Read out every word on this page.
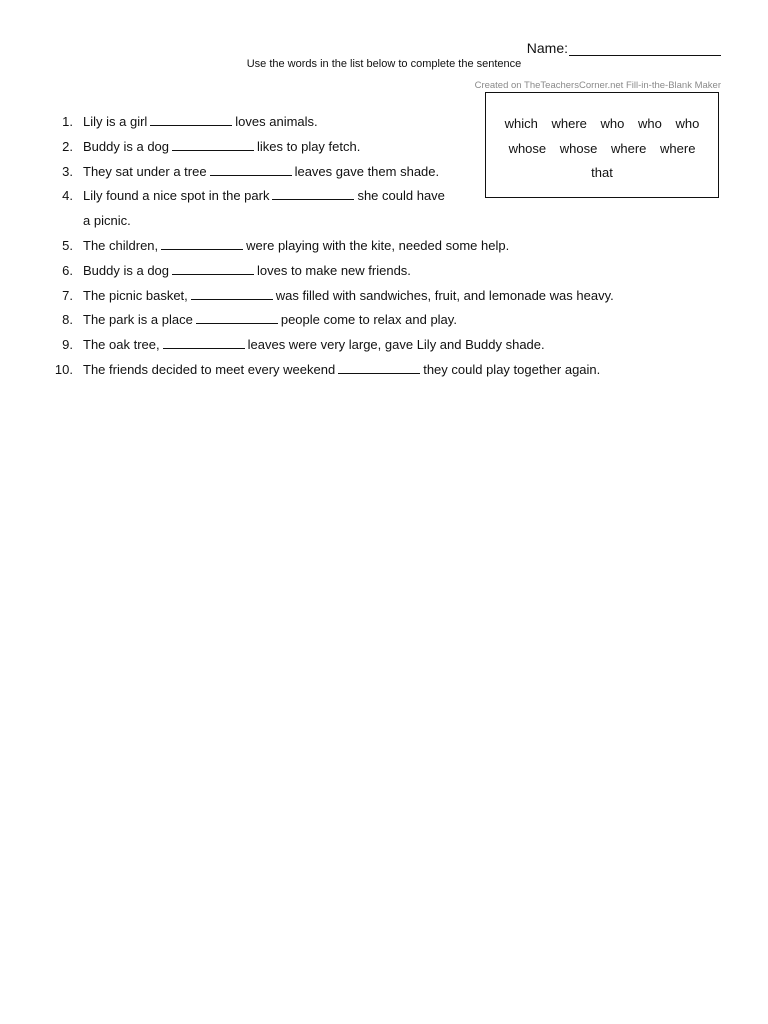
Name:
Use the words in the list below to complete the sentence
Created on TheTeachersCorner.net Fill-in-the-Blank Maker
which where who who who
whose whose where where
that
1. Lily is a girl	loves animals.
2. Buddy is a dog	likes to play fetch.
3. They sat under a tree	leaves gave them shade.
4. Lily found a nice spot in the park	she could have
a picnic.
5. The children,	were playing with the kite, needed some help.
6. Buddy is a dog	loves to make new friends.
7. The picnic basket,	was filled with sandwiches, fruit, and lemonade was heavy.
8. The park is a place	people come to relax and play.
9. The oak tree,	leaves were very large, gave Lily and Buddy shade.
10. The friends decided to meet every weekend	they could play together again.
